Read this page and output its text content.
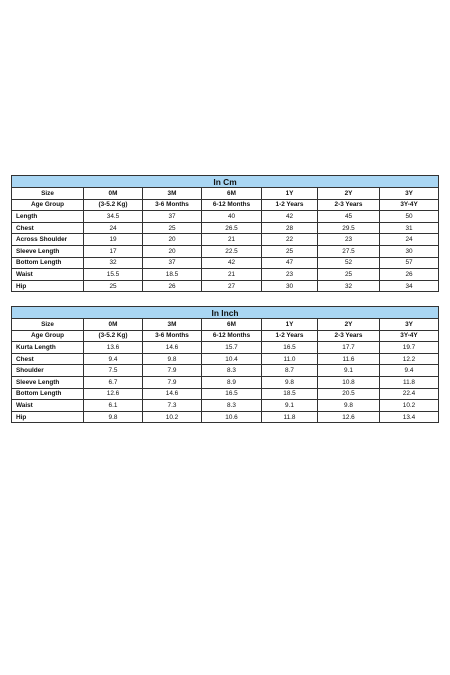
In Cm						
Size	0M	3M	6M	1Y	2Y	3Y
Age Group	(3-5.2 Kg)	3-6 Months	6-12 Months	1-2 Years	2-3 Years	3Y-4Y
Length	34.5	37	40	42	45	50
Chest	24	25	26.5	28	29.5	31
Across Shoulder	19	20	21	22	23	24
Sleeve Length	17	20	22.5	25	27.5	30
Bottom Length	32	37	42	47	52	57
Waist	15.5	18.5	21	23	25	26
Hip	25	26	27	30	32	34
In Inch						
Size	0M	3M	6M	1Y	2Y	3Y
Age Group	(3-5.2 Kg)	3-6 Months	6-12 Months	1-2 Years	2-3 Years	3Y-4Y
Kurta Length	13.6	14.6	15.7	16.5	17.7	19.7
Chest	9.4	9.8	10.4	11.0	11.6	12.2
Shoulder	7.5	7.9	8.3	8.7	9.1	9.4
Sleeve Length	6.7	7.9	8.9	9.8	10.8	11.8
Bottom Length	12.6	14.6	16.5	18.5	20.5	22.4
Waist	6.1	7.3	8.3	9.1	9.8	10.2
Hip	9.8	10.2	10.6	11.8	12.6	13.4
